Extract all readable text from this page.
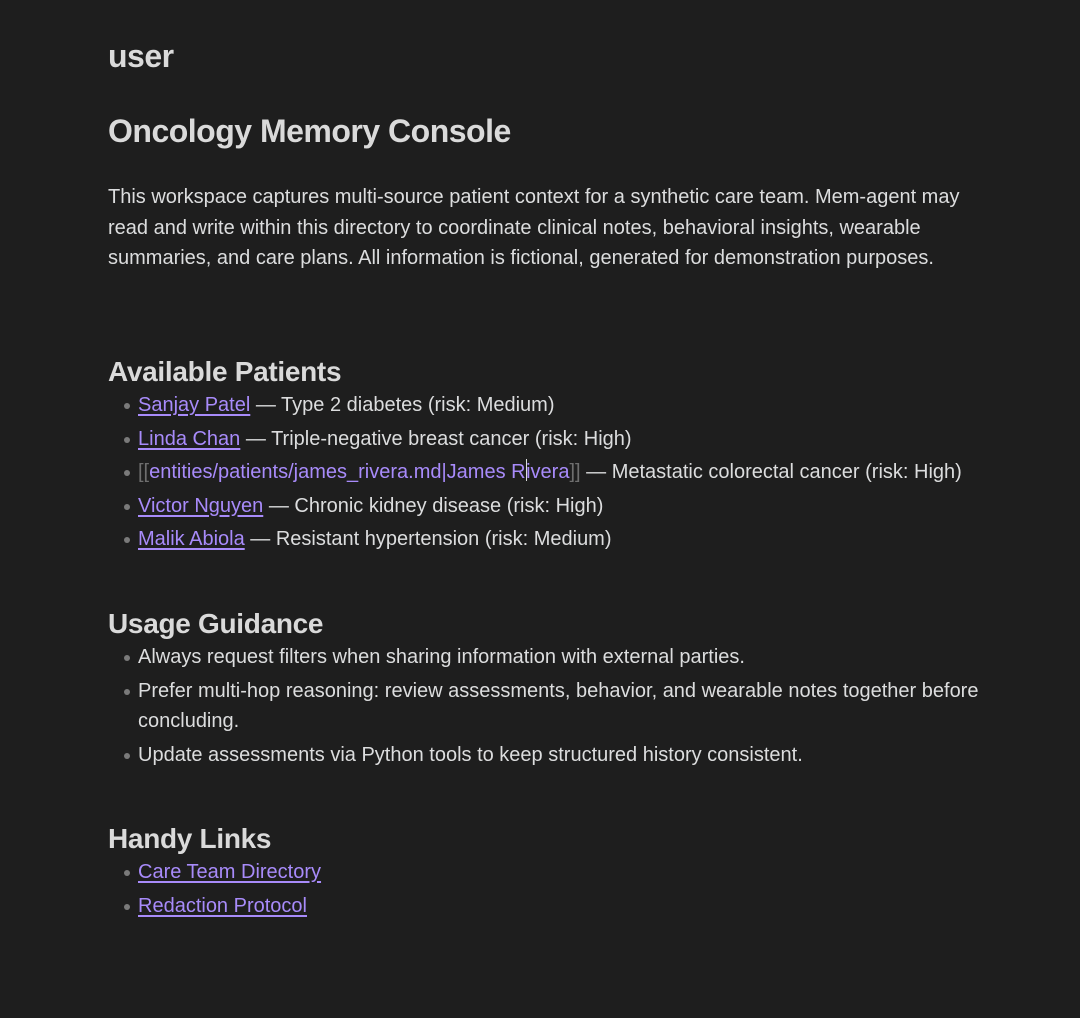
user
Oncology Memory Console

This workspace captures multi-source patient context for a synthetic care team. Mem-agent may read and write within this directory to coordinate clinical notes, behavioral insights, wearable summaries, and care plans. All information is fictional, generated for demonstration purposes.

Available Patients
Sanjay Patel — Type 2 diabetes (risk: Medium)
Linda Chan — Triple-negative breast cancer (risk: High)
[[entities/patients/james_rivera.md|James Rivera]] — Metastatic colorectal cancer (risk: High)
Victor Nguyen — Chronic kidney disease (risk: High)
Malik Abiola — Resistant hypertension (risk: Medium)
Usage Guidance
Always request filters when sharing information with external parties.
Prefer multi-hop reasoning: review assessments, behavior, and wearable notes together before concluding.
Update assessments via Python tools to keep structured history consistent.
Handy Links
Care Team Directory
Redaction Protocol
